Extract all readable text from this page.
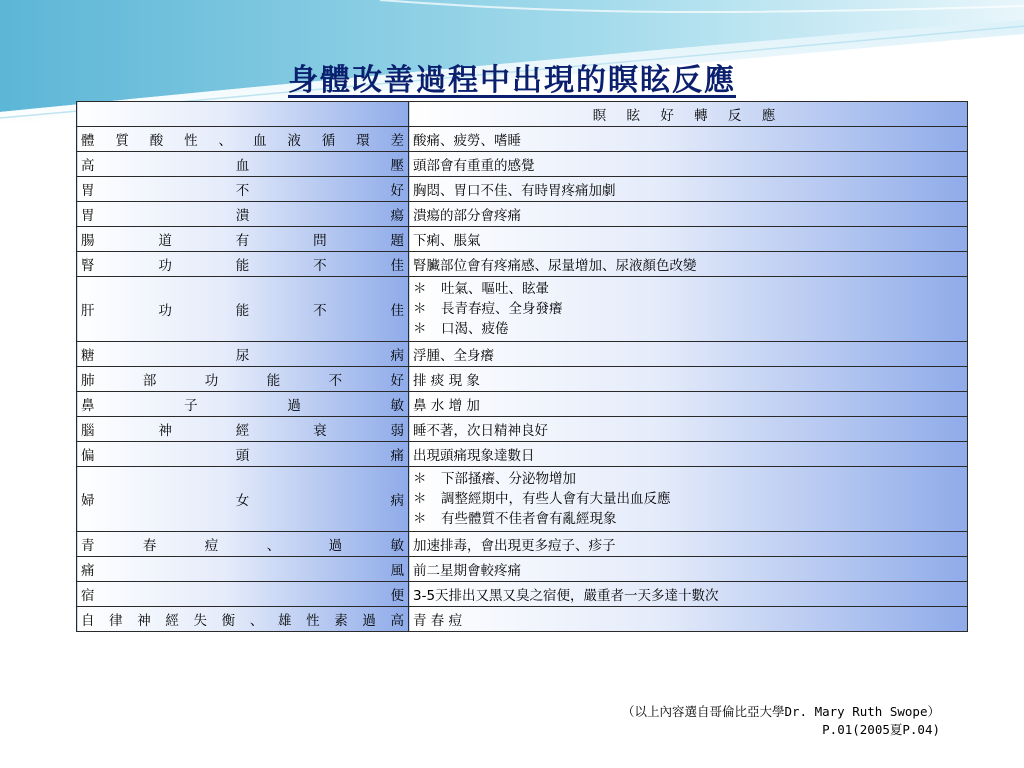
身體改善過程中出現的瞑眩反應
	瞑 眩 好 轉 反 應

體質酸性、血液循環差	酸痛、疲勞、嗜睡

高血壓	頭部會有重重的感覺

胃不好	胸悶、胃口不佳、有時胃疼痛加劇

胃潰瘍	潰瘍的部分會疼痛

腸道有問題	下痢、脹氣

腎功能不佳	腎臟部位會有疼痛感、尿量增加、尿液顏色改變

肝功能不佳	＊ 吐氣、嘔吐、眩暈
＊ 長青春痘、全身發癢
＊ 口渴、疲倦

糖尿病	浮腫、全身癢

肺部功能不好	排 痰 現 象

鼻子過敏	鼻 水 增 加

腦神經衰弱	睡不著，次日精神良好

偏頭痛	出現頭痛現象達數日

婦女病	＊ 下部搔癢、分泌物增加
＊ 調整經期中，有些人會有大量出血反應
＊ 有些體質不佳者會有亂經現象

青春痘、過敏	加速排毒，會出現更多痘子、疹子

痛風	前二星期會較疼痛

宿便	3-5天排出又黑又臭之宿便，嚴重者一天多達十數次

自律神經失衡、雄性素過高	青 春 痘
（以上內容選自哥倫比亞大學Dr. Mary Ruth Swope）
P.01(2005夏P.04)
